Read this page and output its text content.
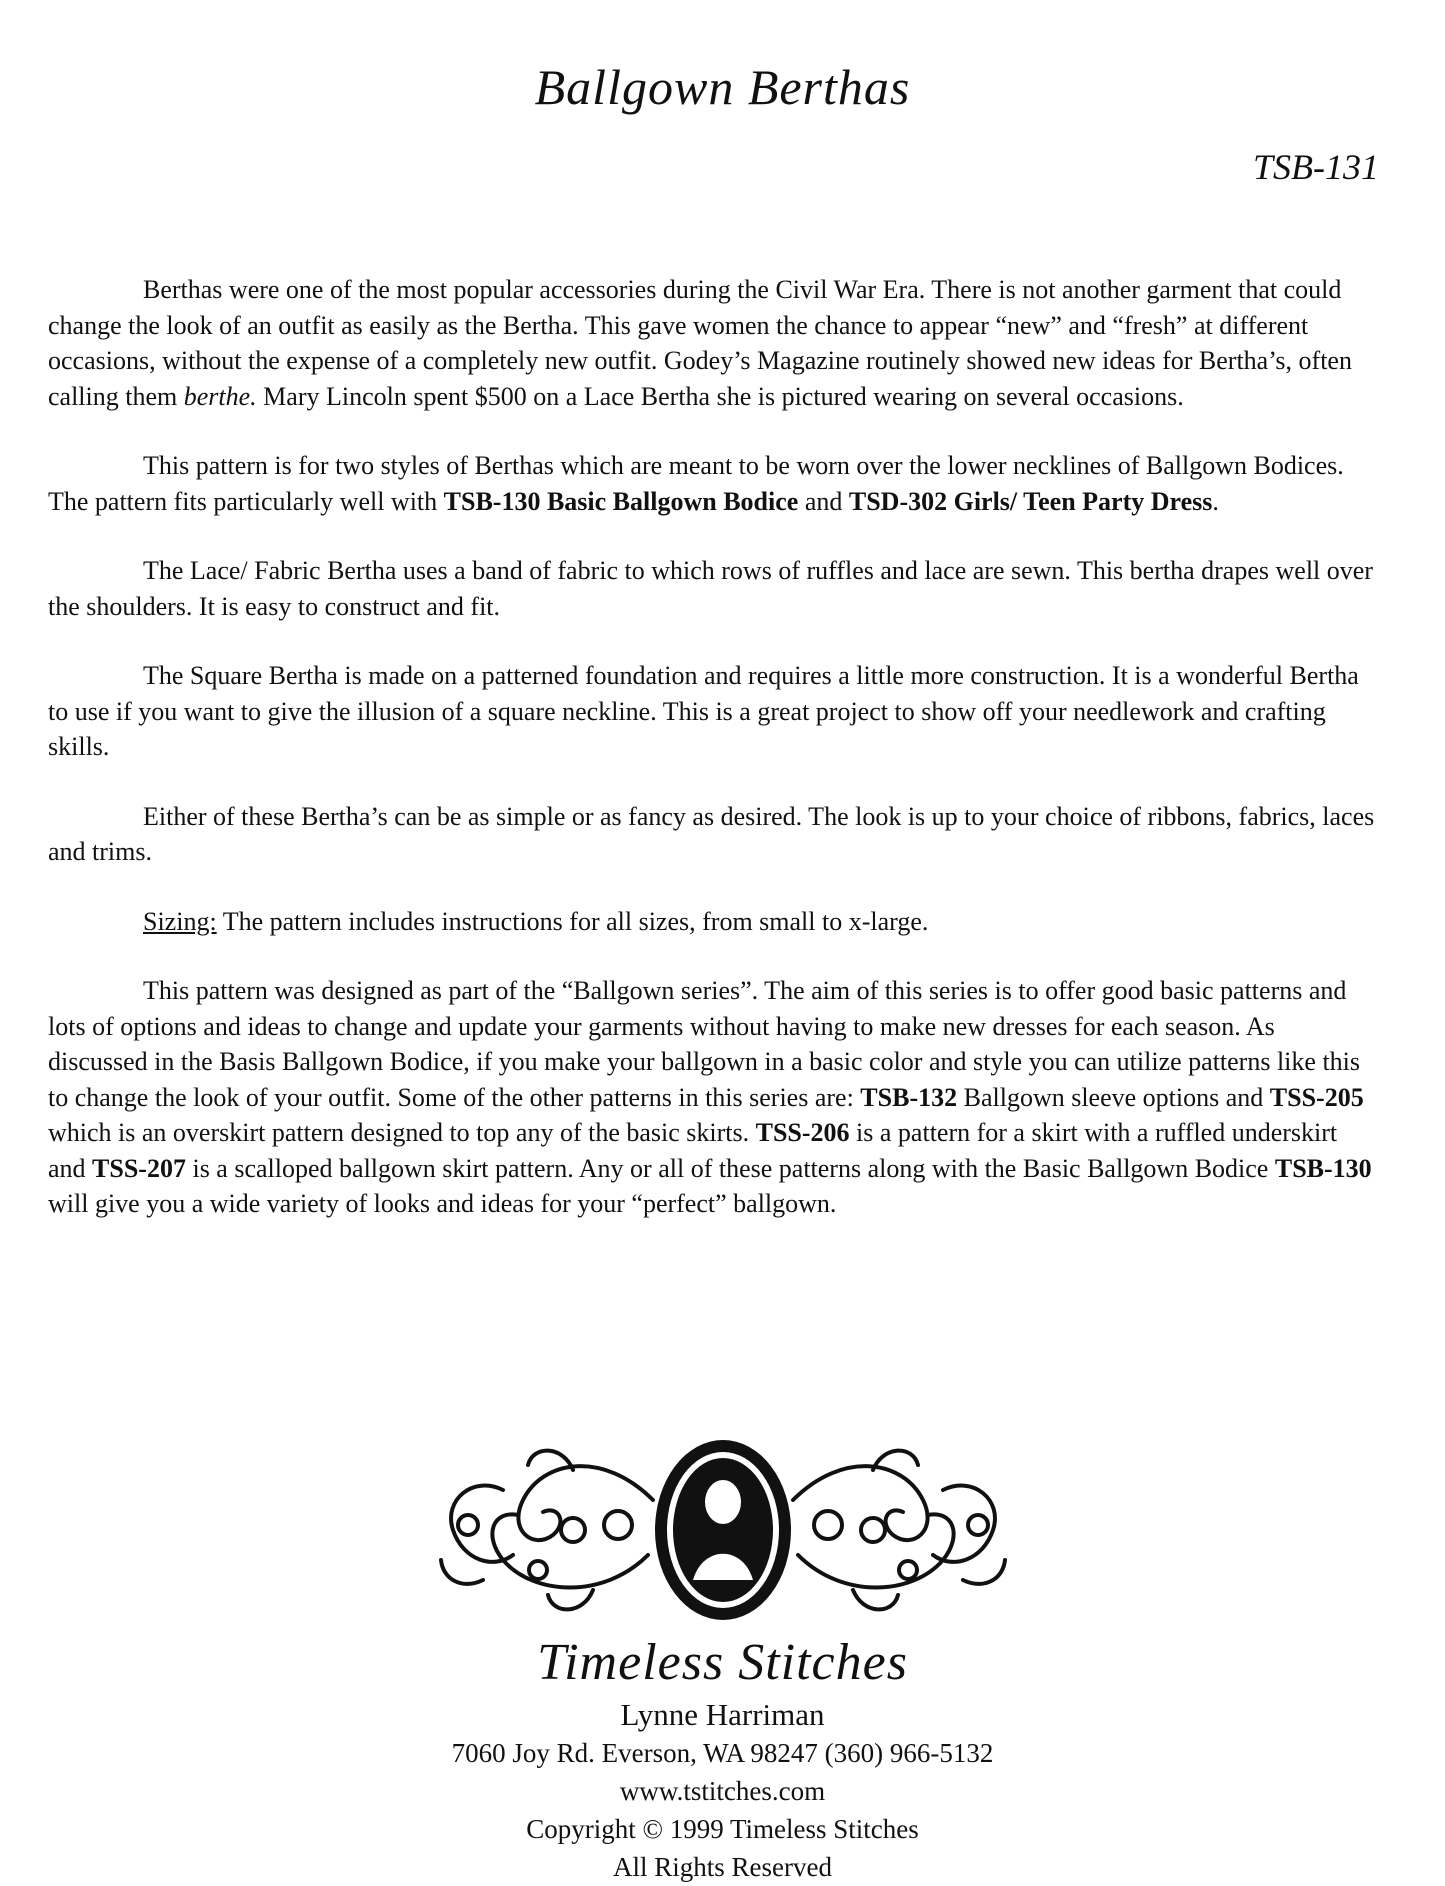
Ballgown Berthas
TSB-131

Berthas were one of the most popular accessories during the Civil War Era. There is not another garment that could change the look of an outfit as easily as the Bertha. This gave women the chance to appear “new” and “fresh” at different occasions, without the expense of a completely new outfit. Godey’s Magazine routinely showed new ideas for Bertha’s, often calling them berthe. Mary Lincoln spent $500 on a Lace Bertha she is pictured wearing on several occasions.

This pattern is for two styles of Berthas which are meant to be worn over the lower necklines of Ballgown Bodices. The pattern fits particularly well with TSB-130 Basic Ballgown Bodice and TSD-302 Girls/ Teen Party Dress.

The Lace/ Fabric Bertha uses a band of fabric to which rows of ruffles and lace are sewn. This bertha drapes well over the shoulders. It is easy to construct and fit.

The Square Bertha is made on a patterned foundation and requires a little more construction. It is a wonderful Bertha to use if you want to give the illusion of a square neckline. This is a great project to show off your needlework and crafting skills.

Either of these Bertha’s can be as simple or as fancy as desired. The look is up to your choice of ribbons, fabrics, laces and trims.

Sizing: The pattern includes instructions for all sizes, from small to x-large.

This pattern was designed as part of the “Ballgown series”. The aim of this series is to offer good basic patterns and lots of options and ideas to change and update your garments without having to make new dresses for each season. As discussed in the Basis Ballgown Bodice, if you make your ballgown in a basic color and style you can utilize patterns like this to change the look of your outfit. Some of the other patterns in this series are: TSB-132 Ballgown sleeve options and TSS-205 which is an overskirt pattern designed to top any of the basic skirts. TSS-206 is a pattern for a skirt with a ruffled underskirt and TSS-207 is a scalloped ballgown skirt pattern. Any or all of these patterns along with the Basic Ballgown Bodice TSB-130 will give you a wide variety of looks and ideas for your “perfect” ballgown.

Timeless Stitches
Lynne Harriman
7060 Joy Rd. Everson, WA 98247 (360) 966-5132
www.tstitches.com
Copyright © 1999 Timeless Stitches
All Rights Reserved
